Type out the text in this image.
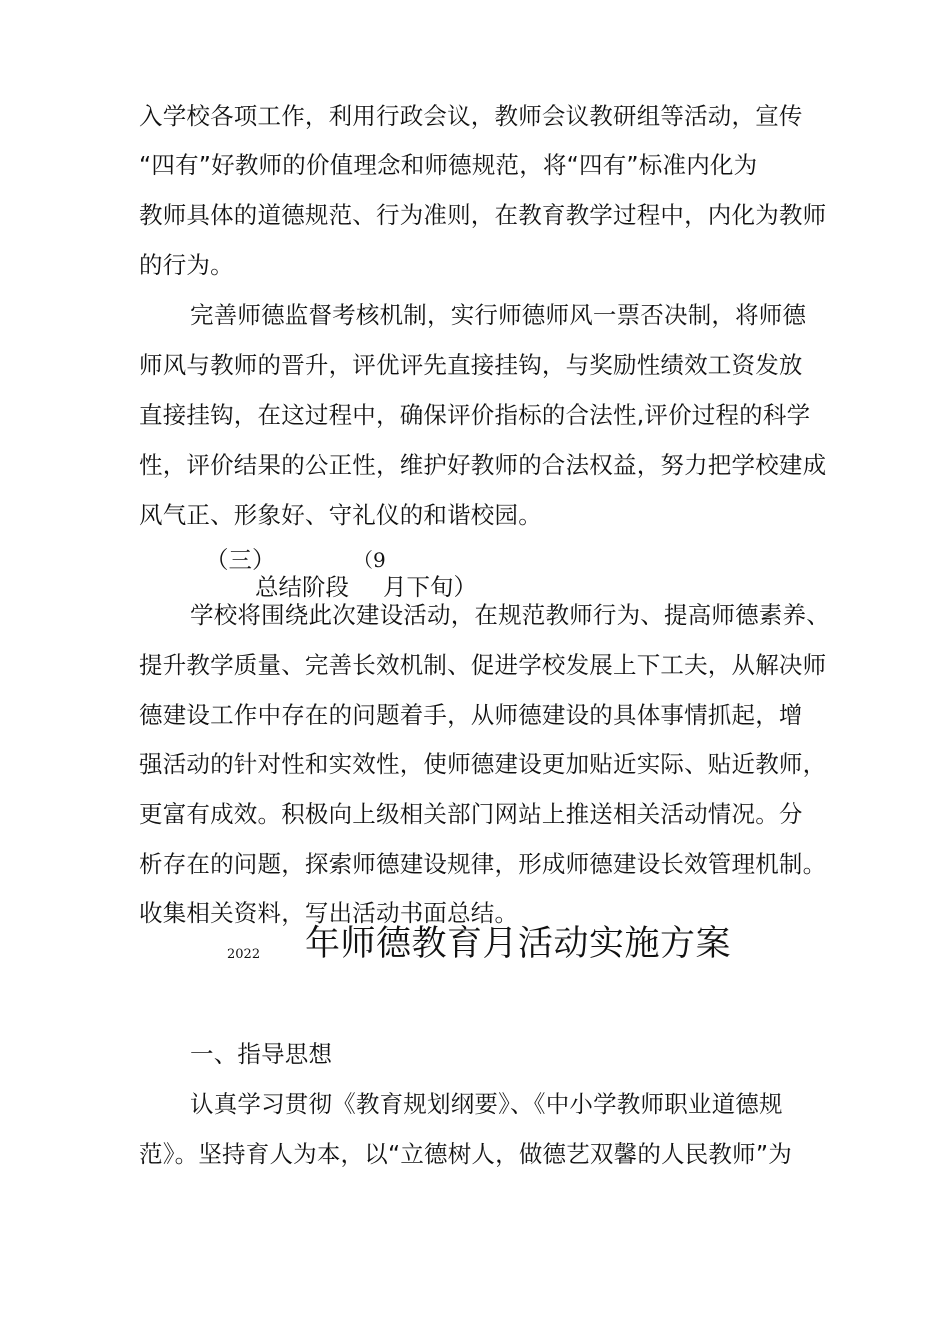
入学校各项工作，利用行政会议，教师会议教研组等活动，宣传
“四有”好教师的价值理念和师德规范，将“四有”标准内化为
教师具体的道德规范、行为准则，在教育教学过程中，内化为教师
的行为。
完善师德监督考核机制，实行师德师风一票否决制，将师德
师风与教师的晋升，评优评先直接挂钩，与奖励性绩效工资发放
直接挂钩，在这过程中，确保评价指标的合法性,评价过程的科学
性，评价结果的公正性，维护好教师的合法权益，努力把学校建成
风气正、形象好、守礼仪的和谐校园。
（三）
总结阶段
（9
月下旬）
学校将围绕此次建设活动，在规范教师行为、提高师德素养、
提升教学质量、完善长效机制、促进学校发展上下工夫，从解决师
德建设工作中存在的问题着手，从师德建设的具体事情抓起，增
强活动的针对性和实效性，使师德建设更加贴近实际、贴近教师，
更富有成效。积极向上级相关部门网站上推送相关活动情况。分
析存在的问题，探索师德建设规律，形成师德建设长效管理机制。
收集相关资料，写出活动书面总结。
2022 年师德教育月活动实施方案
一、指导思想
认真学习贯彻《教育规划纲要》、《中小学教师职业道德规
范》。坚持育人为本，以“立德树人，做德艺双馨的人民教师”为
